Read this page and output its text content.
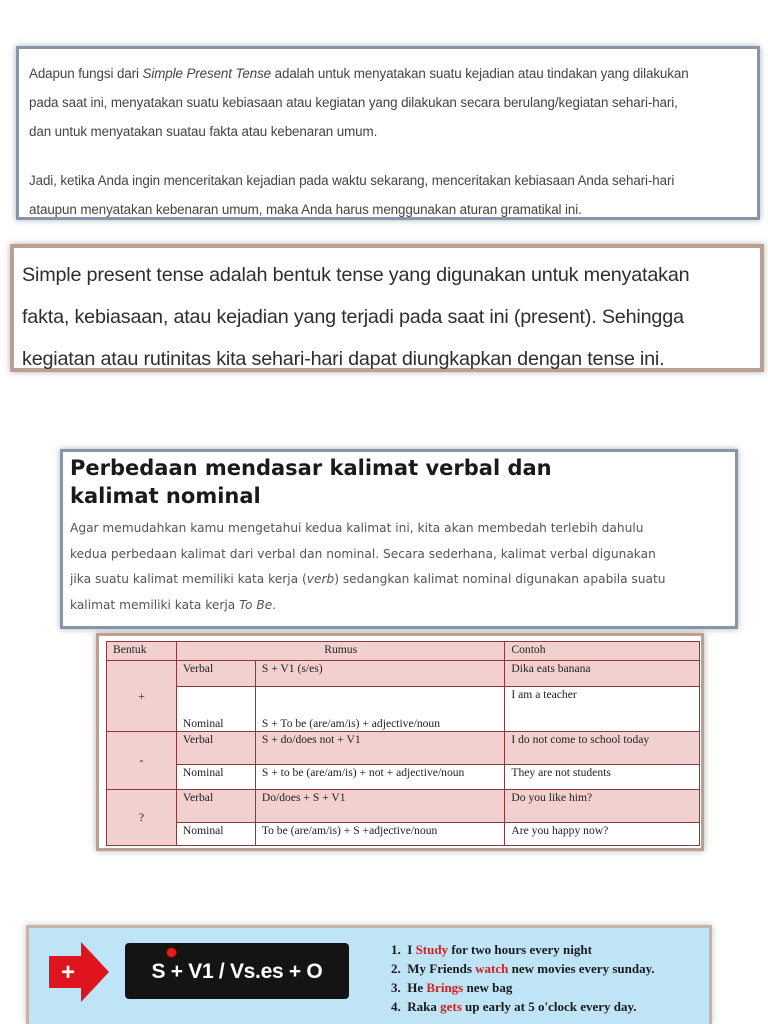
Adapun fungsi dari Simple Present Tense adalah untuk menyatakan suatu kejadian atau tindakan yang dilakukan

pada saat ini, menyatakan suatu kebiasaan atau kegiatan yang dilakukan secara berulang/kegiatan sehari-hari,

dan untuk menyatakan suatau fakta atau kebenaran umum.

Jadi, ketika Anda ingin menceritakan kejadian pada waktu sekarang, menceritakan kebiasaan Anda sehari-hari

ataupun menyatakan kebenaran umum, maka Anda harus menggunakan aturan gramatikal ini.

Simple present tense adalah bentuk tense yang digunakan untuk menyatakan

fakta, kebiasaan, atau kejadian yang terjadi pada saat ini (present). Sehingga

kegiatan atau rutinitas kita sehari-hari dapat diungkapkan dengan tense ini.

Perbedaan mendasar kalimat verbal dan
kalimat nominal

Agar memudahkan kamu mengetahui kedua kalimat ini, kita akan membedah terlebih dahulu

kedua perbedaan kalimat dari verbal dan nominal. Secara sederhana, kalimat verbal digunakan

jika suatu kalimat memiliki kata kerja (verb) sedangkan kalimat nominal digunakan apabila suatu

kalimat memiliki kata kerja To Be.

Bentuk	Rumus		Contoh
+	Verbal	S + V1 (s/es)	Dika eats banana
	Nominal	S + To be (are/am/is) + adjective/noun	I am a teacher
-	Verbal	S + do/does not + V1	I do not come to school today
	Nominal	S + to be (are/am/is) + not + adjective/noun	They are not students
?	Verbal	Do/does + S + V1	Do you like him?
	Nominal	To be (are/am/is) + S +adjective/noun	Are you happy now?
+	S + V1 / Vs.es + O
1. I Study for two hours every night
2. My Friends watch new movies every sunday.
3. He Brings new bag
4. Raka gets up early at 5 o'clock every day.
